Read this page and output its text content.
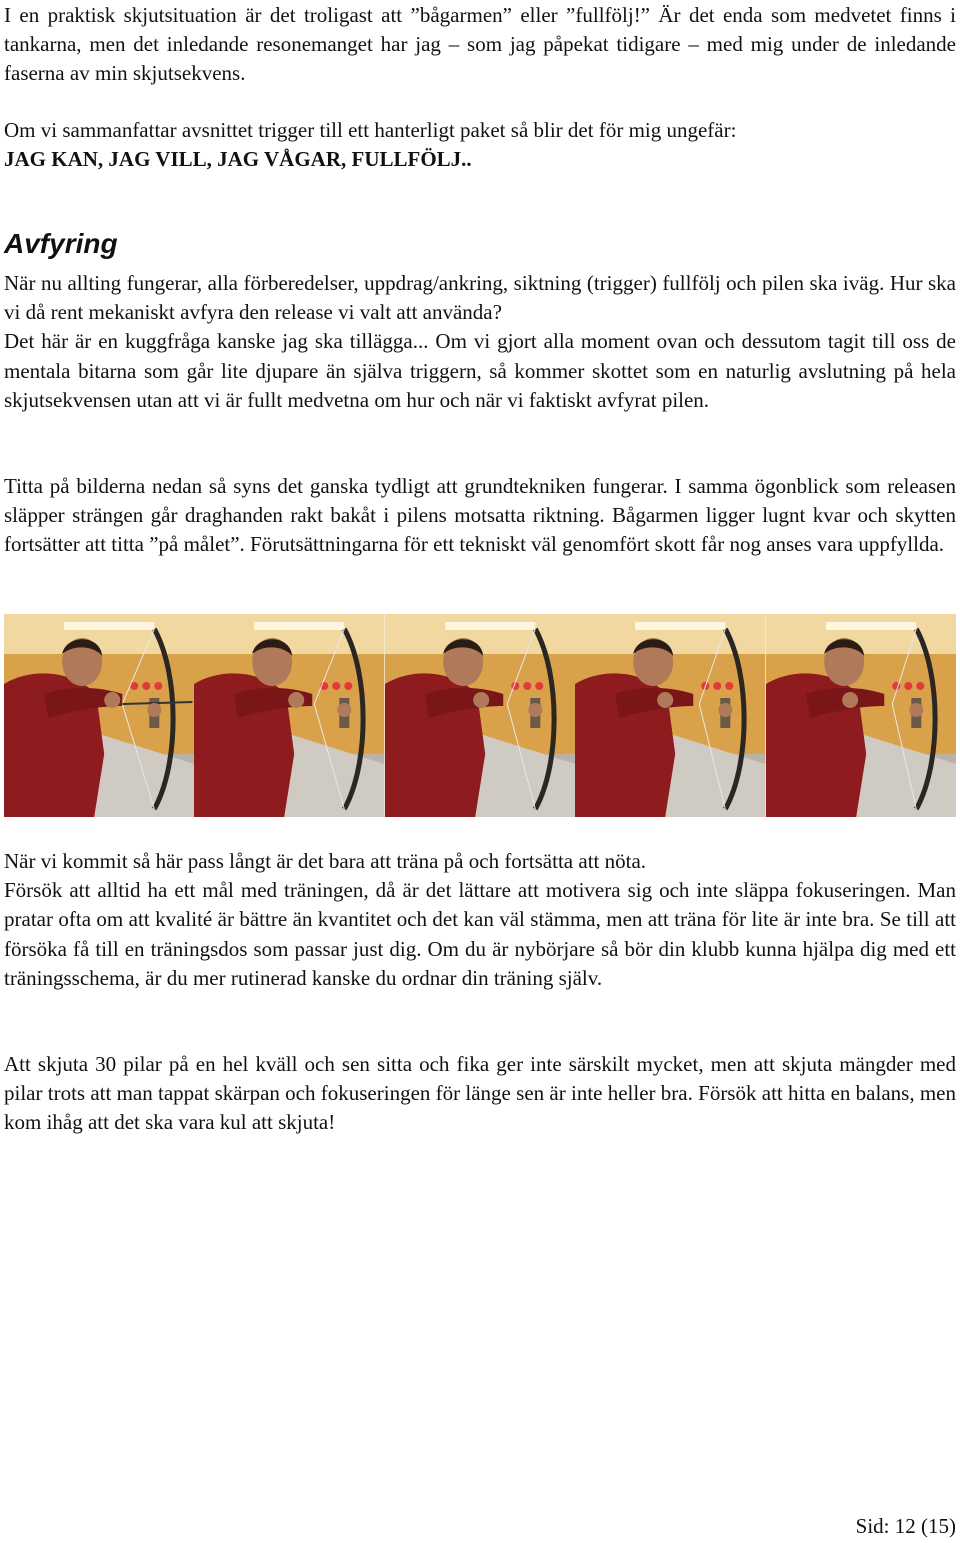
I en praktisk skjutsituation är det troligast att ”bågarmen” eller ”fullfölj!” Är det enda som medvetet finns i tankarna, men det inledande resonemanget har jag – som jag påpekat tidigare – med mig under de inledande faserna av min skjutsekvens.

Om vi sammanfattar avsnittet trigger till ett hanterligt paket så blir det för mig ungefär:
JAG KAN, JAG VILL, JAG VÅGAR, FULLFÖLJ..

Avfyring

När nu allting fungerar, alla förberedelser, uppdrag/ankring, siktning (trigger) fullfölj och pilen ska iväg. Hur ska vi då rent mekaniskt avfyra den release vi valt att använda?

Det här är en kuggfråga kanske jag ska tillägga... Om vi gjort alla moment ovan och dessutom tagit till oss de mentala bitarna som går lite djupare än själva triggern, så kommer skottet som en naturlig avslutning på hela skjutsekvensen utan att vi är fullt medvetna om hur och när vi faktiskt avfyrat pilen.

Titta på bilderna nedan så syns det ganska tydligt att grundtekniken fungerar. I samma ögonblick som releasen släpper strängen går draghanden rakt bakåt i pilens motsatta riktning. Bågarmen ligger lugnt kvar och skytten fortsätter att titta ”på målet”. Förutsättningarna för ett tekniskt väl genomfört skott får nog anses vara uppfyllda.

När vi kommit så här pass långt är det bara att träna på och fortsätta att nöta.

Försök att alltid ha ett mål med träningen, då är det lättare att motivera sig och inte släppa fokuseringen. Man pratar ofta om att kvalité är bättre än kvantitet och det kan väl stämma, men att träna för lite är inte bra. Se till att försöka få till en träningsdos som passar just dig. Om du är nybörjare så bör din klubb kunna hjälpa dig med ett träningsschema, är du mer rutinerad kanske du ordnar din träning själv.

Att skjuta 30 pilar på en hel kväll och sen sitta och fika ger inte särskilt mycket, men att skjuta mängder med pilar trots att man tappat skärpan och fokuseringen för länge sen är inte heller bra. Försök att hitta en balans, men kom ihåg att det ska vara kul att skjuta!

Sid: 12 (15)
